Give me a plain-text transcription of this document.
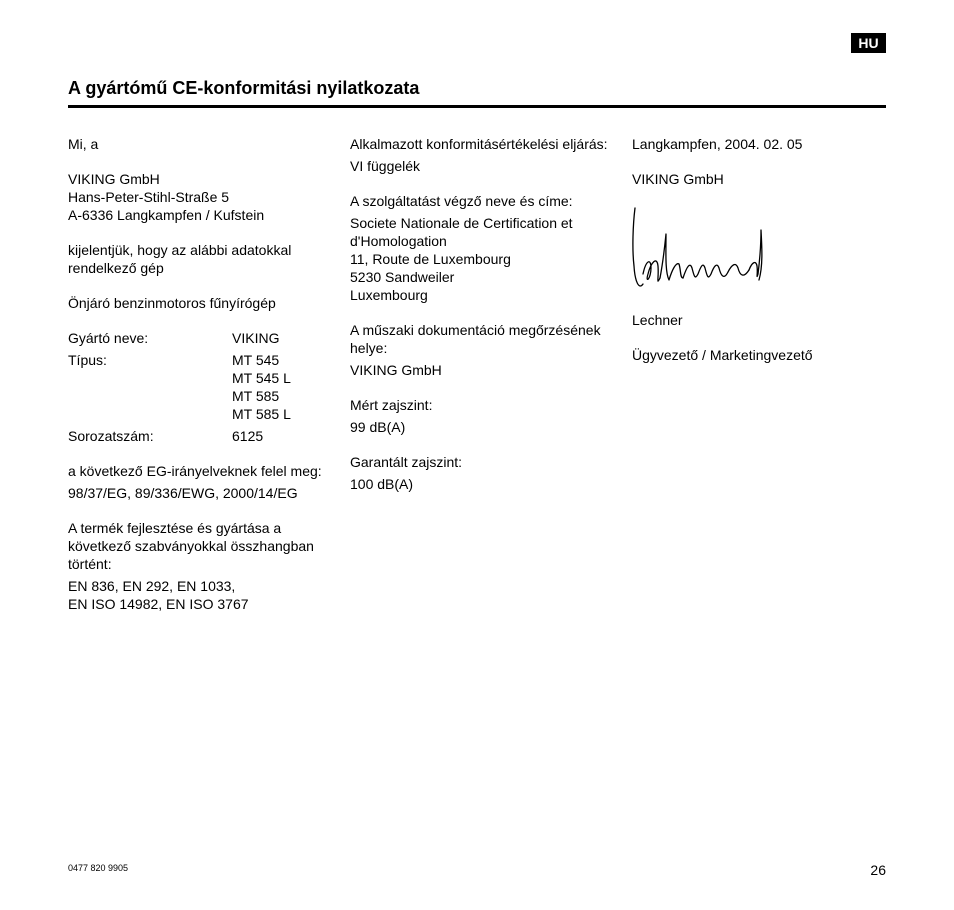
HU
A gyártómű CE-konformitási nyilatkozata

Mi, a

VIKING GmbH
Hans-Peter-Stihl-Straße 5
A-6336 Langkampfen / Kufstein

kijelentjük, hogy az alábbi adatokkal rendelkező gép

Önjáró benzinmotoros fűnyírógép

Gyártó neve:	VIKING
Típus:	MT 545
MT 545 L
MT 585
MT 585 L
Sorozatszám:	6125

a következő EG-irányelveknek felel meg:

98/37/EG, 89/336/EWG, 2000/14/EG

A termék fejlesztése és gyártása a következő szabványokkal összhangban történt:

EN 836, EN 292, EN 1033,
EN ISO 14982, EN ISO 3767

Alkalmazott konformitásértékelési eljárás:

VI függelék

A szolgáltatást végző neve és címe:

Societe Nationale de Certification et d'Homologation
11, Route de Luxembourg
5230 Sandweiler
Luxembourg

A műszaki dokumentáció megőrzésének helye:

VIKING GmbH

Mért zajszint:

99 dB(A)

Garantált zajszint:

100 dB(A)

Langkampfen, 2004. 02. 05

VIKING GmbH

Lechner

Ügyvezető / Marketingvezető

0477 820 9905	26
